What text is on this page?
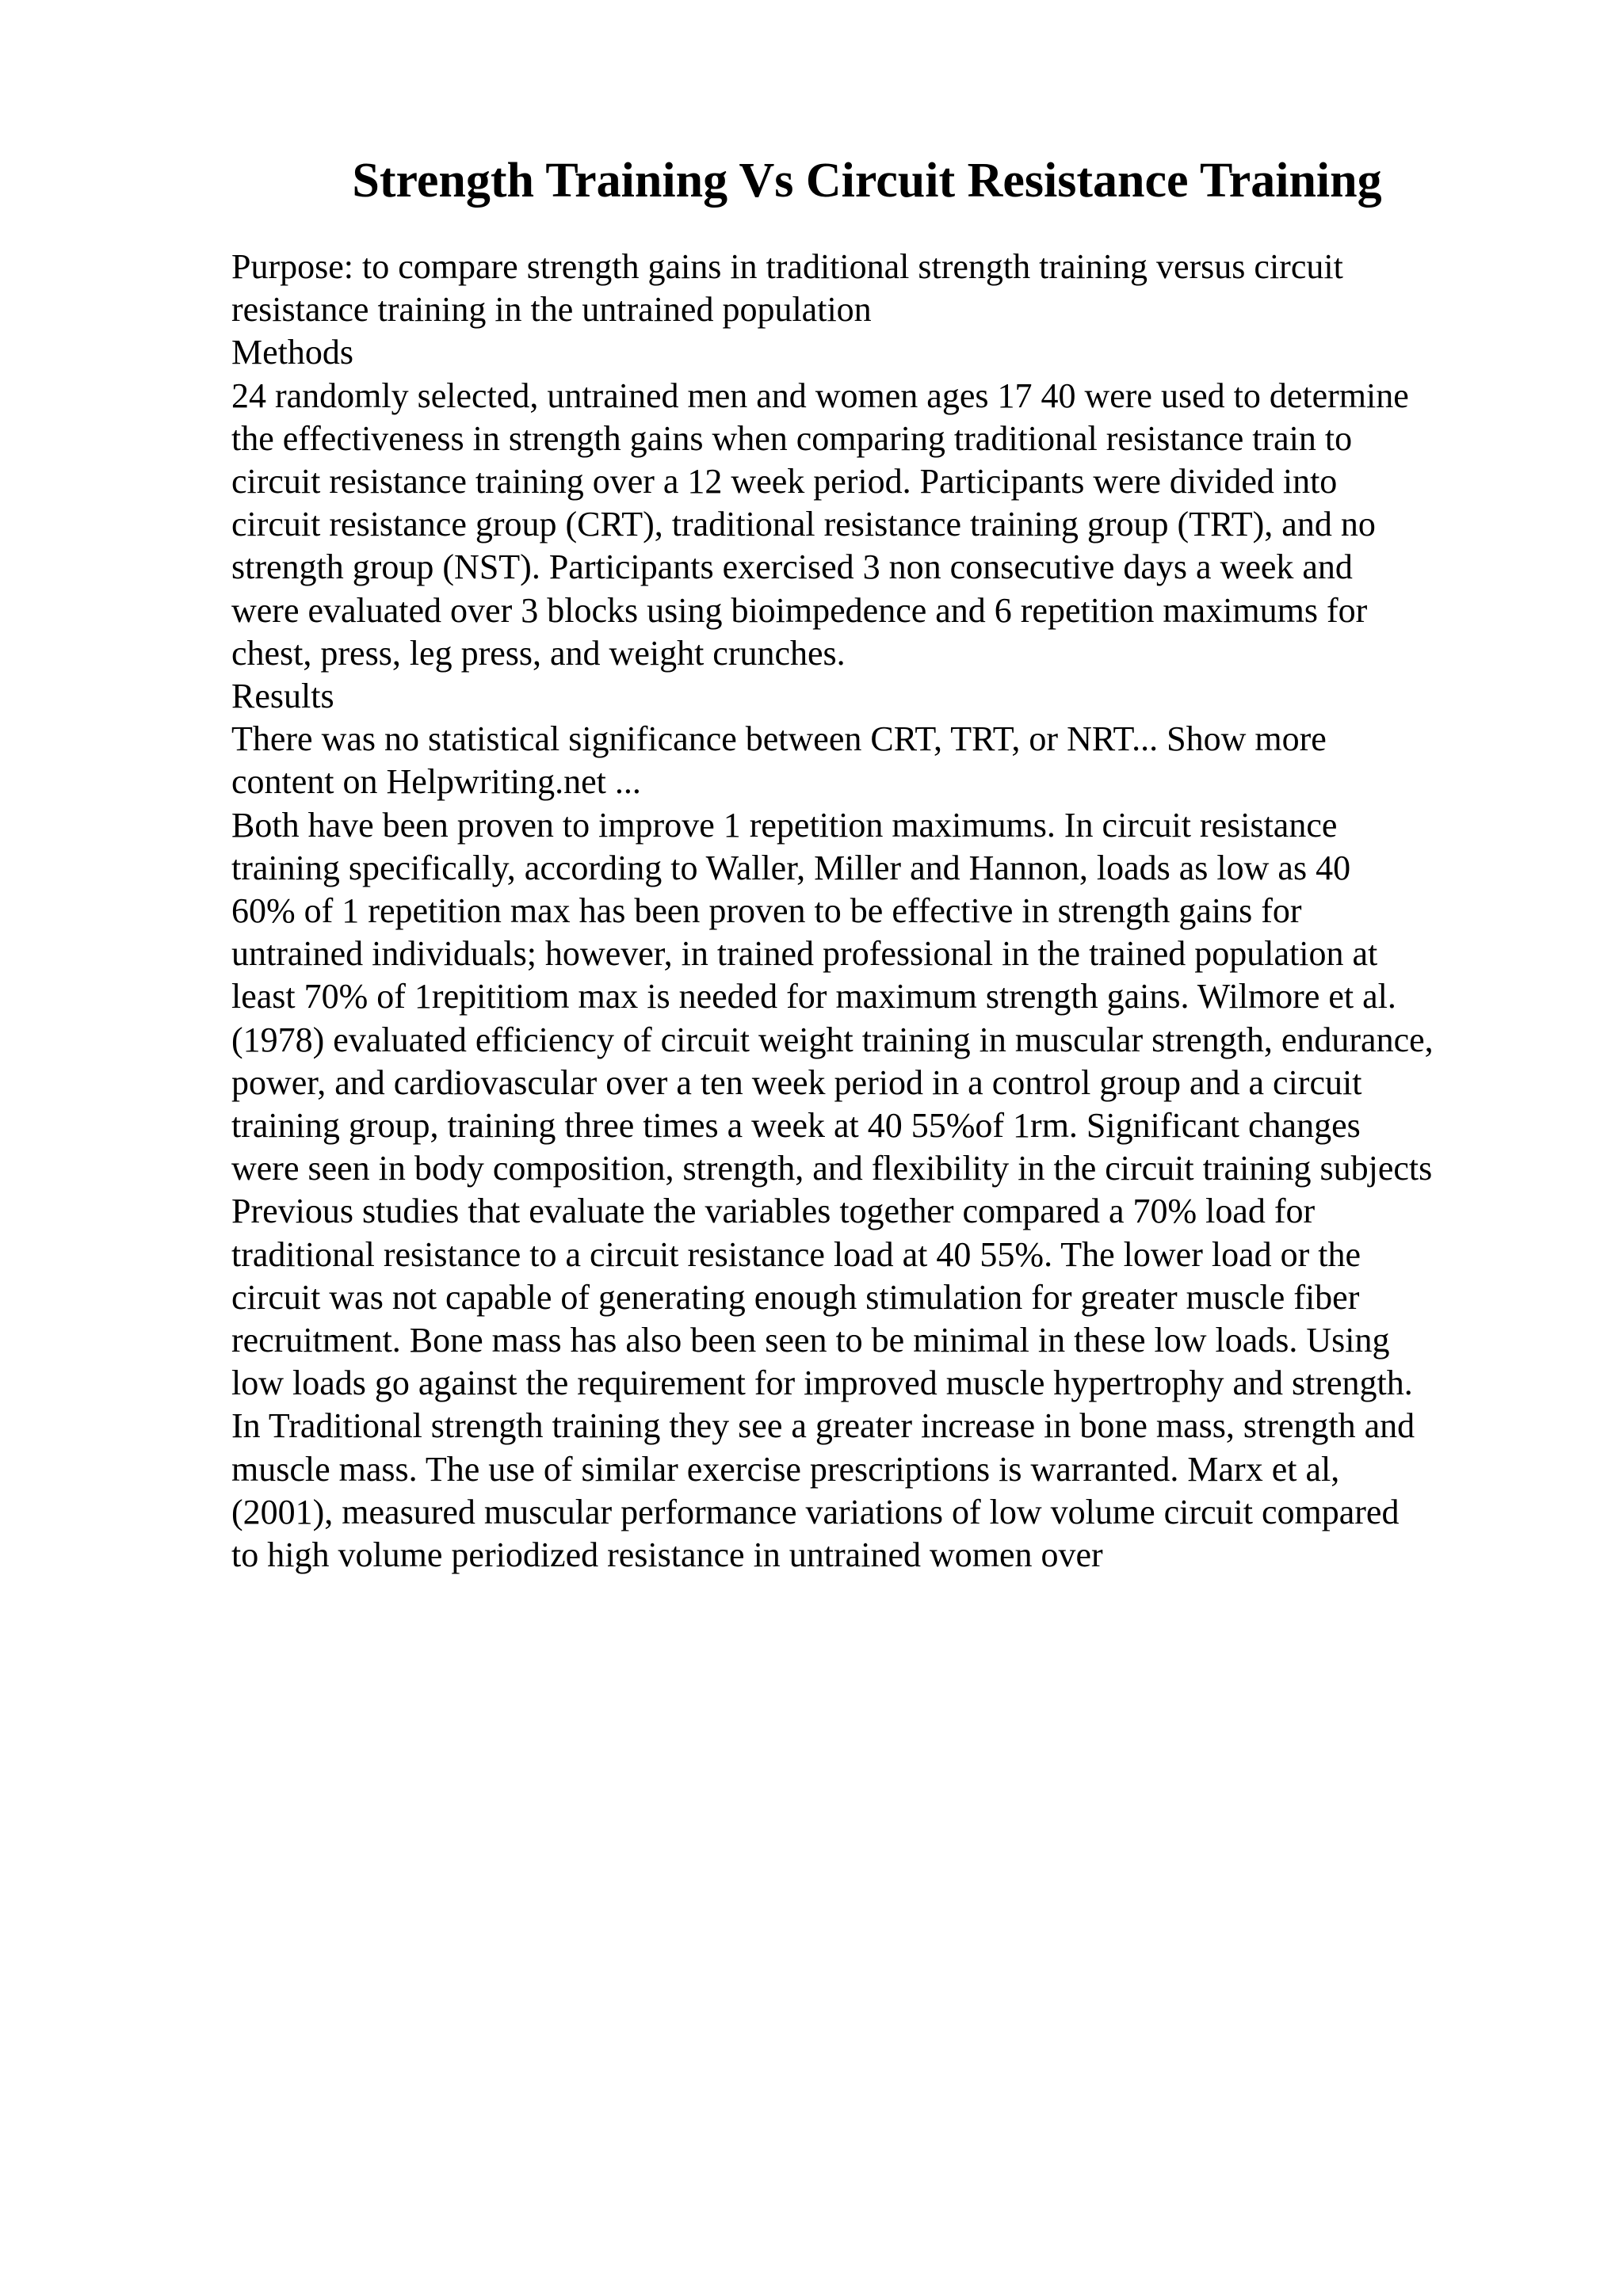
Strength Training Vs Circuit Resistance Training
Purpose: to compare strength gains in traditional strength training versus circuit
resistance training in the untrained population
Methods
24 randomly selected, untrained men and women ages 17 40 were used to determine
the effectiveness in strength gains when comparing traditional resistance train to
circuit resistance training over a 12 week period. Participants were divided into
circuit resistance group (CRT), traditional resistance training group (TRT), and no
strength group (NST). Participants exercised 3 non consecutive days a week and
were evaluated over 3 blocks using bioimpedence and 6 repetition maximums for
chest, press, leg press, and weight crunches.
Results
There was no statistical significance between CRT, TRT, or NRT... Show more
content on Helpwriting.net ...
Both have been proven to improve 1 repetition maximums. In circuit resistance
training specifically, according to Waller, Miller and Hannon, loads as low as 40
60% of 1 repetition max has been proven to be effective in strength gains for
untrained individuals; however, in trained professional in the trained population at
least 70% of 1repititiom max is needed for maximum strength gains. Wilmore et al.
(1978) evaluated efficiency of circuit weight training in muscular strength, endurance,
power, and cardiovascular over a ten week period in a control group and a circuit
training group, training three times a week at 40 55%of 1rm. Significant changes
were seen in body composition, strength, and flexibility in the circuit training subjects
Previous studies that evaluate the variables together compared a 70% load for
traditional resistance to a circuit resistance load at 40 55%. The lower load or the
circuit was not capable of generating enough stimulation for greater muscle fiber
recruitment. Bone mass has also been seen to be minimal in these low loads. Using
low loads go against the requirement for improved muscle hypertrophy and strength.
In Traditional strength training they see a greater increase in bone mass, strength and
muscle mass. The use of similar exercise prescriptions is warranted. Marx et al,
(2001), measured muscular performance variations of low volume circuit compared
to high volume periodized resistance in untrained women over
